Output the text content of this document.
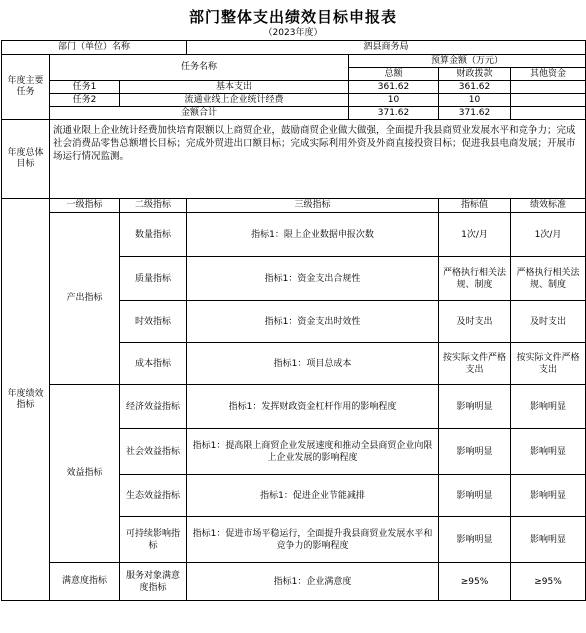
部门整体支出绩效目标申报表
（2023年度）
部门（单位）名称			泗县商务局			
年度主要任务	任务名称			预算金额（万元）		
				总额	财政拨款	其他资金
	任务1	基本支出		361.62	361.62	
	任务2	流通业线上企业统计经费		10	10	
	金额合计			371.62	371.62	
年度总体目标	流通业限上企业统计经费加快培育限额以上商贸企业，鼓励商贸企业做大做强，全面提升我县商贸业发展水平和竞争力；完成社会消费品零售总额增长目标；完成外贸进出口额目标；完成实际利用外资及外商直接投资目标；促进我县电商发展；开展市场运行情况监测。					
年度绩效指标	一级指标	二级指标	三级指标		指标值	绩效标准
	产出指标	数量指标	指标1：限上企业数据申报次数		1次/月	1次/月
		质量指标	指标1：资金支出合规性		严格执行相关法规、制度	严格执行相关法规、制度
		时效指标	指标1：资金支出时效性		及时支出	及时支出
		成本指标	指标1：项目总成本		按实际文件严格支出	按实际文件严格支出
	效益指标	经济效益指标	指标1：发挥财政资金杠杆作用的影响程度		影响明显	影响明显
		社会效益指标	指标1：提高限上商贸企业发展速度和推动全县商贸企业向限上企业发展的影响程度		影响明显	影响明显
		生态效益指标	指标1：促进企业节能减排		影响明显	影响明显
		可持续影响指标	指标1：促进市场平稳运行，全面提升我县商贸业发展水平和竞争力的影响程度		影响明显	影响明显
	满意度指标	服务对象满意度指标	指标1：企业满意度		≥95%	≥95%
